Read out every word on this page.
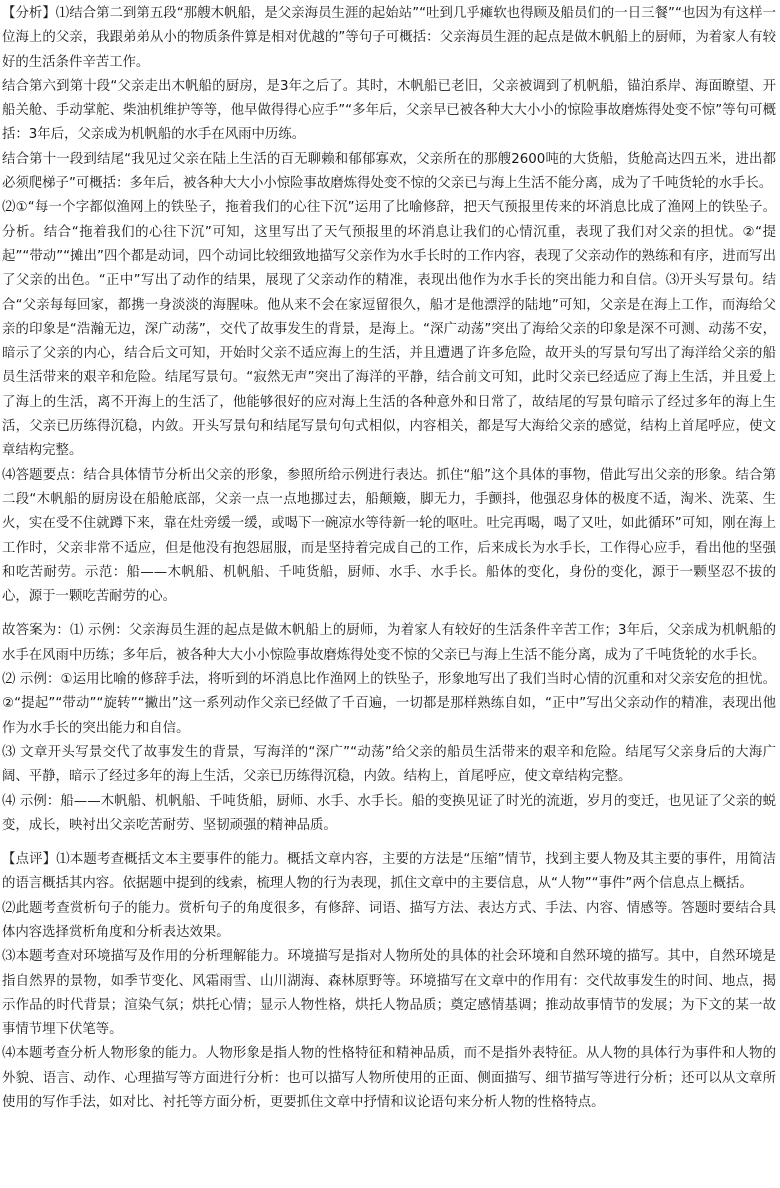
【分析】⑴结合第二到第五段“那艘木帆船，是父亲海员生涯的起始站”“吐到几乎瘫软也得顾及船员们的一日三餐”“也因为有这样一位海上的父亲，我跟弟弟从小的物质条件算是相对优越的”等句子可概括：父亲海员生涯的起点是做木帆船上的厨师，为着家人有较好的生活条件辛苦工作。

结合第六到第十段“父亲走出木帆船的厨房，是3年之后了。其时，木帆船已老旧，父亲被调到了机帆船，锚泊系岸、海面瞭望、开船关舱、手动掌舵、柴油机维护等等，他早做得得心应手”“多年后，父亲早已被各种大大小小的惊险事故磨炼得处变不惊”等句可概括：3年后，父亲成为机帆船的水手在风雨中历练。

结合第十一段到结尾“我见过父亲在陆上生活的百无聊赖和郁郁寡欢，父亲所在的那艘2600吨的大货船，货舱高达四五米，进出都必须爬梯子”可概括：多年后，被各种大大小小惊险事故磨炼得处变不惊的父亲已与海上生活不能分离，成为了千吨货轮的水手长。

⑵①“每一个字都似渔网上的铁坠子，拖着我们的心往下沉”运用了比喻修辞，把天气预报里传来的坏消息比成了渔网上的铁坠子。分析。结合“拖着我们的心往下沉”可知，这里写出了天气预报里的坏消息让我们的心情沉重，表现了我们对父亲的担忧。②“提起”“带动”“摊出”四个都是动词，四个动词比较细致地描写父亲作为水手长时的工作内容，表现了父亲动作的熟练和有序，进而写出了父亲的出色。“正中”写出了动作的结果，展现了父亲动作的精准，表现出他作为水手长的突出能力和自信。⑶开头写景句。结合“父亲每每回家，都携一身淡淡的海腥味。他从来不会在家逗留很久，船才是他漂浮的陆地”可知，父亲是在海上工作，而海给父亲的印象是“浩瀚无边，深广动荡”，交代了故事发生的背景，是海上。“深广动荡”突出了海给父亲的印象是深不可测、动荡不安，暗示了父亲的内心，结合后文可知，开始时父亲不适应海上的生活，并且遭遇了许多危险，故开头的写景句写出了海洋给父亲的船员生活带来的艰辛和危险。结尾写景句。“寂然无声”突出了海洋的平静，结合前文可知，此时父亲已经适应了海上生活，并且爱上了海上的生活，离不开海上的生活了，他能够很好的应对海上生活的各种意外和日常了，故结尾的写景句暗示了经过多年的海上生活，父亲已历练得沉稳，内敛。开头写景句和结尾写景句句式相似，内容相关，都是写大海给父亲的感觉，结构上首尾呼应，使文章结构完整。

⑷答题要点：结合具体情节分析出父亲的形象，参照所给示例进行表达。抓住“船”这个具体的事物，借此写出父亲的形象。结合第二段“木帆船的厨房设在船舱底部，父亲一点一点地挪过去，船颠簸，脚无力，手颤抖，他强忍身体的极度不适，淘米、洗菜、生火，实在受不住就蹲下来，靠在灶旁缓一缓，或喝下一碗凉水等待新一轮的呕吐。吐完再喝，喝了又吐，如此循环”可知，刚在海上工作时，父亲非常不适应，但是他没有抱怨屈服，而是坚持着完成自己的工作，后来成长为水手长，工作得心应手，看出他的坚强和吃苦耐劳。示范：船——木帆船、机帆船、千吨货船，厨师、水手、水手长。船体的变化，身份的变化，源于一颗坚忍不拔的心，源于一颗吃苦耐劳的心。

故答案为：⑴ 示例：父亲海员生涯的起点是做木帆船上的厨师，为着家人有较好的生活条件辛苦工作；3年后，父亲成为机帆船的水手在风雨中历练；多年后，被各种大大小小惊险事故磨炼得处变不惊的父亲已与海上生活不能分离，成为了千吨货轮的水手长。

⑵ 示例：①运用比喻的修辞手法，将听到的坏消息比作渔网上的铁坠子，形象地写出了我们当时心情的沉重和对父亲安危的担忧。②“提起”“带动”“旋转”“撇出”这一系列动作父亲已经做了千百遍，一切都是那样熟练自如，“正中”写出父亲动作的精准，表现出他作为水手长的突出能力和自信。

⑶ 文章开头写景交代了故事发生的背景，写海洋的“深广”“动荡”给父亲的船员生活带来的艰辛和危险。结尾写父亲身后的大海广阔、平静，暗示了经过多年的海上生活，父亲已历练得沉稳，内敛。结构上，首尾呼应，使文章结构完整。

⑷ 示例：船——木帆船、机帆船、千吨货船，厨师、水手、水手长。船的变换见证了时光的流逝，岁月的变迁，也见证了父亲的蜕变，成长，映衬出父亲吃苦耐劳、坚韧顽强的精神品质。

【点评】⑴本题考查概括文本主要事件的能力。概括文章内容，主要的方法是“压缩”情节，找到主要人物及其主要的事件，用简洁的语言概括其内容。依据题中提到的线索，梳理人物的行为表现，抓住文章中的主要信息，从“人物”“事件”两个信息点上概括。

⑵此题考查赏析句子的能力。赏析句子的角度很多，有修辞、词语、描写方法、表达方式、手法、内容、情感等。答题时要结合具体内容选择赏析角度和分析表达效果。

⑶本题考查对环境描写及作用的分析理解能力。环境描写是指对人物所处的具体的社会环境和自然环境的描写。其中，自然环境是指自然界的景物，如季节变化、风霜雨雪、山川湖海、森林原野等。环境描写在文章中的作用有：交代故事发生的时间、地点，揭示作品的时代背景；渲染气氛；烘托心情；显示人物性格，烘托人物品质；奠定感情基调；推动故事情节的发展；为下文的某一故事情节埋下伏笔等。

⑷本题考查分析人物形象的能力。人物形象是指人物的性格特征和精神品质，而不是指外表特征。从人物的具体行为事件和人物的外貌、语言、动作、心理描写等方面进行分析：也可以描写人物所使用的正面、侧面描写、细节描写等进行分析；还可以从文章所使用的写作手法，如对比、衬托等方面分析，更要抓住文章中抒情和议论语句来分析人物的性格特点。
